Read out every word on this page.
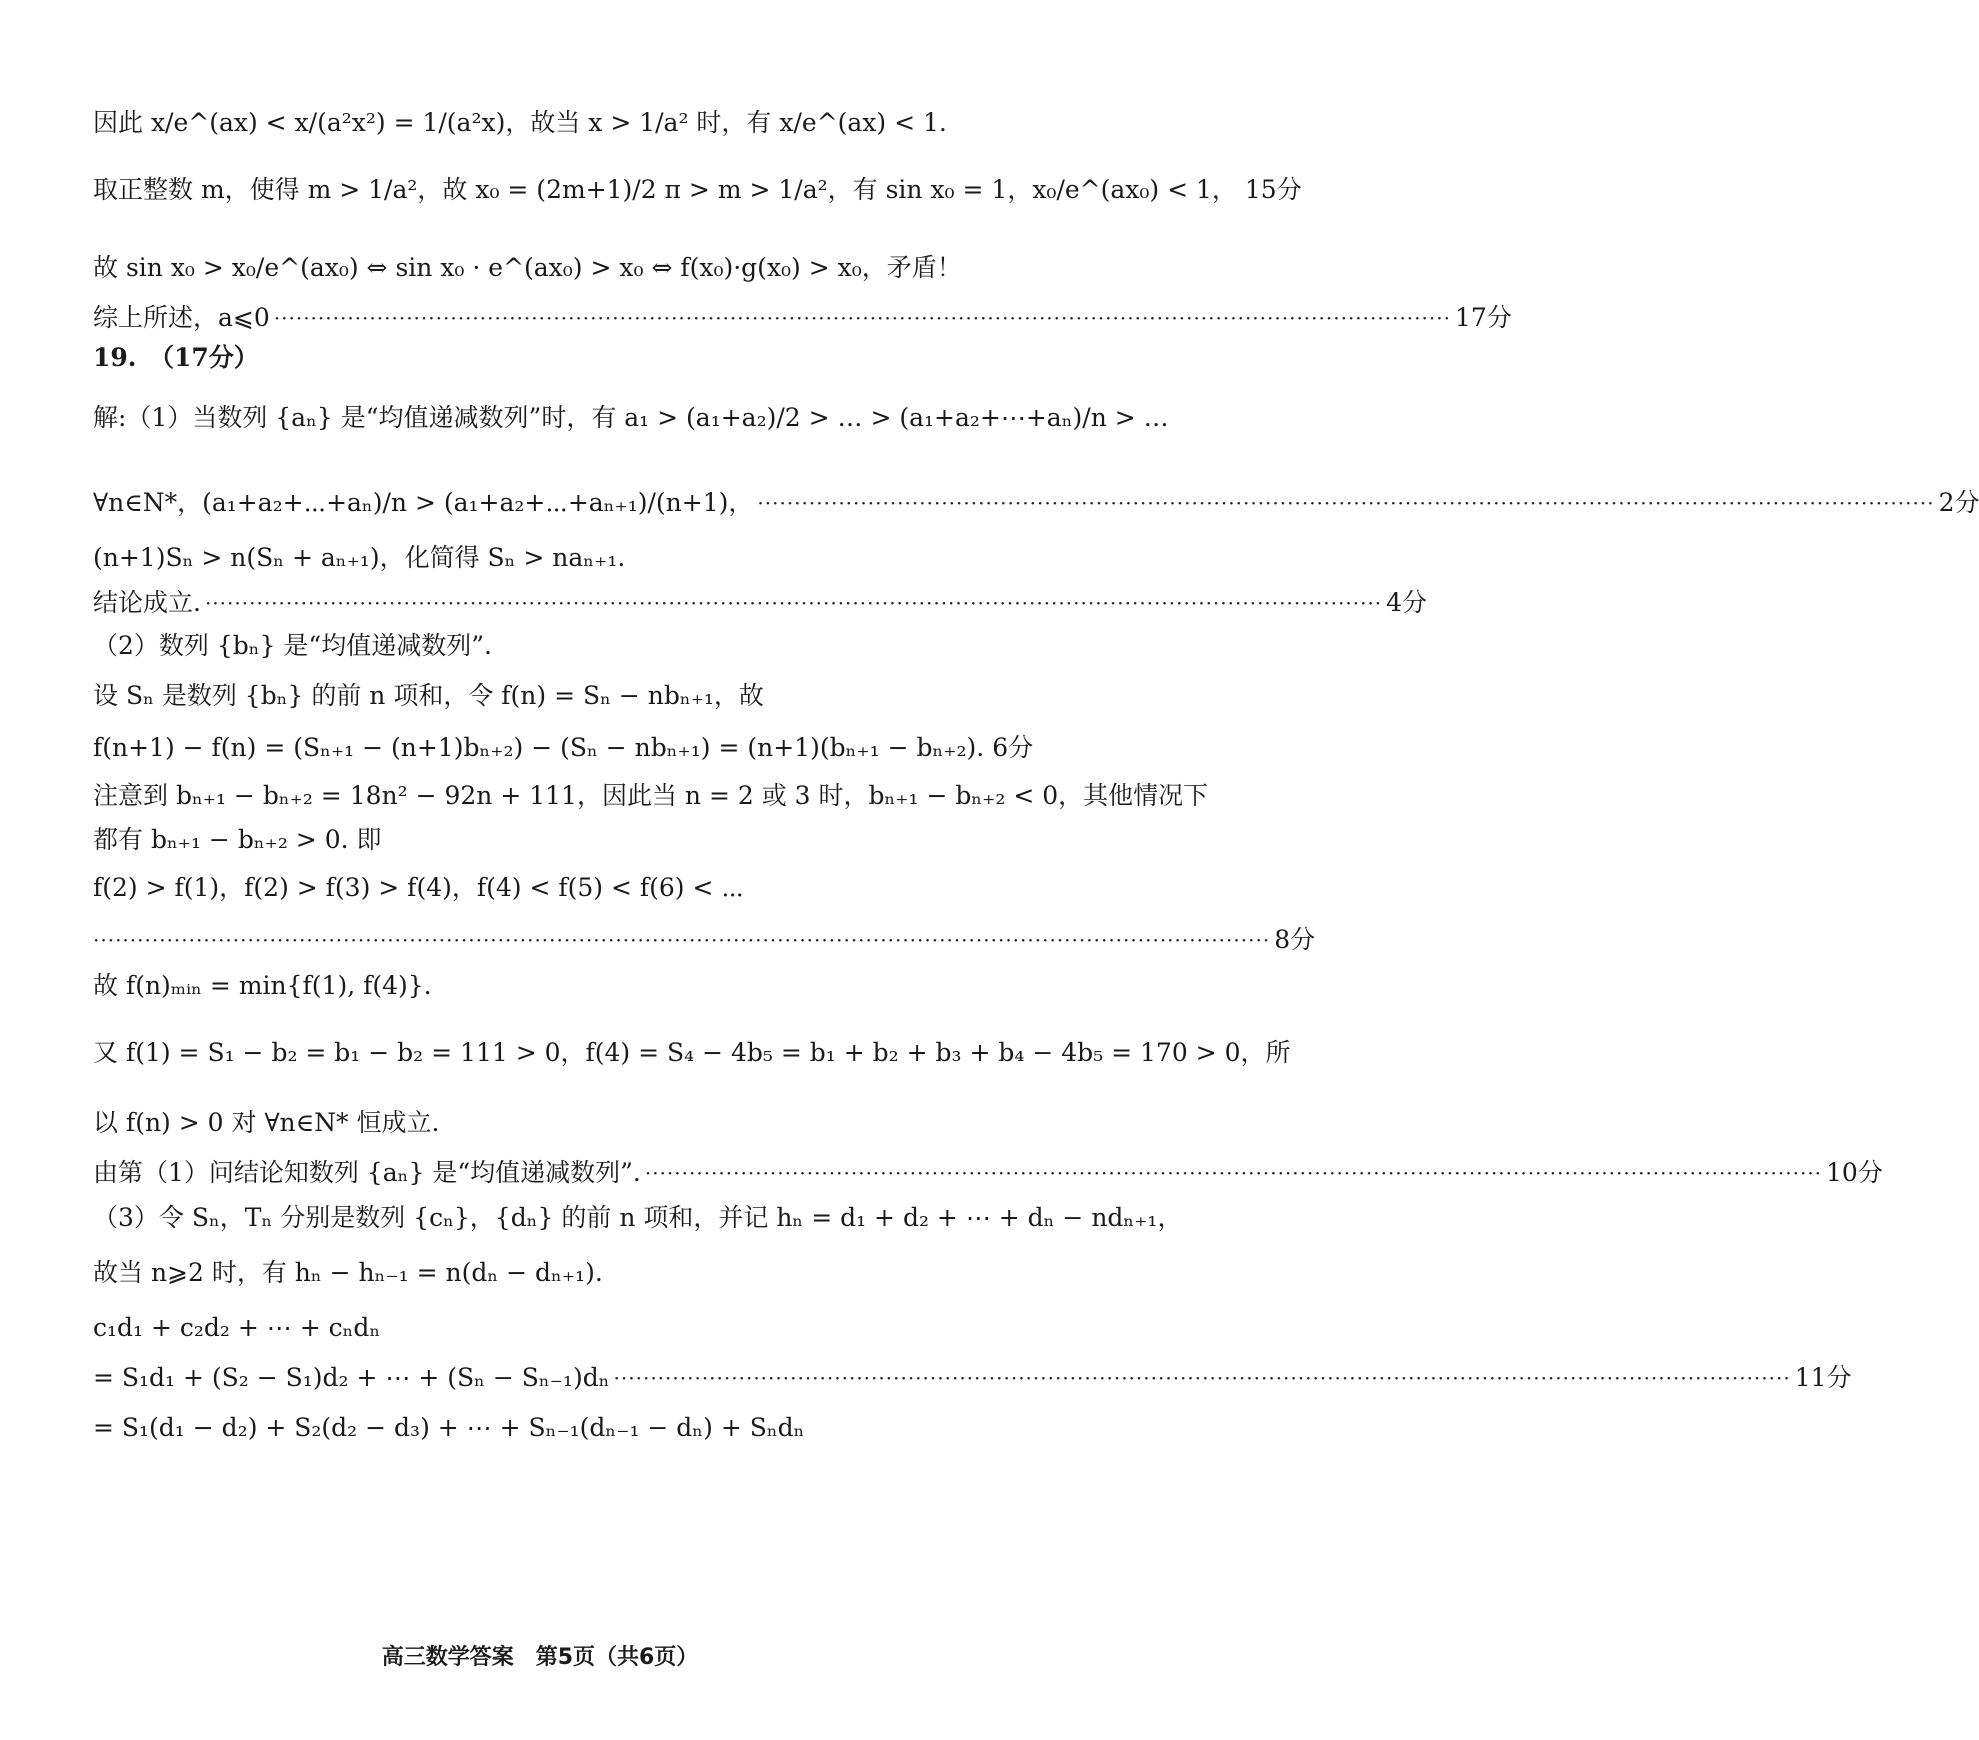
因此 x/e^(ax) < x/(a²x²) = 1/(a²x)，故当 x > 1/a² 时，有 x/e^(ax) < 1.
取正整数 m，使得 m > 1/a²，故 x₀ = (2m+1)/2 π > m > 1/a²，有 sin x₀ = 1，x₀/e^(ax₀) < 1， 15分
故 sin x₀ > x₀/e^(ax₀) ⇔ sin x₀ · e^(ax₀) > x₀ ⇔ f(x₀)·g(x₀) > x₀，矛盾！
综上所述，a⩽0 ·····	17分
19.　（17分）
解:（1）当数列 {aₙ} 是“均值递减数列”时，有 a₁ > (a₁+a₂)/2 > … > (a₁+a₂+⋯+aₙ)/n > …
∀n∈N*，(a₁+a₂+⋯+aₙ)/n > (a₁+a₂+⋯+aₙ₊₁)/(n+1)， ·····	2分
(n+1)Sₙ > n(Sₙ + aₙ₊₁)，化简得 Sₙ > naₙ₊₁.
结论成立. ·····	4分
（2）数列 {bₙ} 是“均值递减数列”.
设 Sₙ 是数列 {bₙ} 的前 n 项和，令 f(n) = Sₙ − nbₙ₊₁，故
f(n+1) − f(n) = (Sₙ₊₁ − (n+1)bₙ₊₂) − (Sₙ − nbₙ₊₁) = (n+1)(bₙ₊₁ − bₙ₊₂). 6分
注意到 bₙ₊₁ − bₙ₊₂ = 18n² − 92n + 111，因此当 n = 2 或 3 时，bₙ₊₁ − bₙ₊₂ < 0，其他情况下
都有 bₙ₊₁ − bₙ₊₂ > 0. 即
f(2) > f(1)，f(2) > f(3) > f(4)，f(4) < f(5) < f(6) < ⋯
·····
8分
故 f(n)ₘᵢₙ = min{f(1), f(4)}.
又 f(1) = S₁ − b₂ = b₁ − b₂ = 111 > 0，f(4) = S₄ − 4b₅ = b₁ + b₂ + b₃ + b₄ − 4b₅ = 170 > 0，所
以 f(n) > 0 对 ∀n∈N* 恒成立.
由第（1）问结论知数列 {aₙ} 是“均值递减数列”. ·····	10分
（3）令 Sₙ，Tₙ 分别是数列 {cₙ}，{dₙ} 的前 n 项和，并记 hₙ = d₁ + d₂ + ⋯ + dₙ − ndₙ₊₁，
故当 n⩾2 时，有 hₙ − hₙ₋₁ = n(dₙ − dₙ₊₁).
c₁d₁ + c₂d₂ + ⋯ + cₙdₙ
= S₁d₁ + (S₂ − S₁)d₂ + ⋯ + (Sₙ − Sₙ₋₁)dₙ ·····	11分
= S₁(d₁ − d₂) + S₂(d₂ − d₃) + ⋯ + Sₙ₋₁(dₙ₋₁ − dₙ) + Sₙdₙ
高三数学答案　第5页（共6页）
